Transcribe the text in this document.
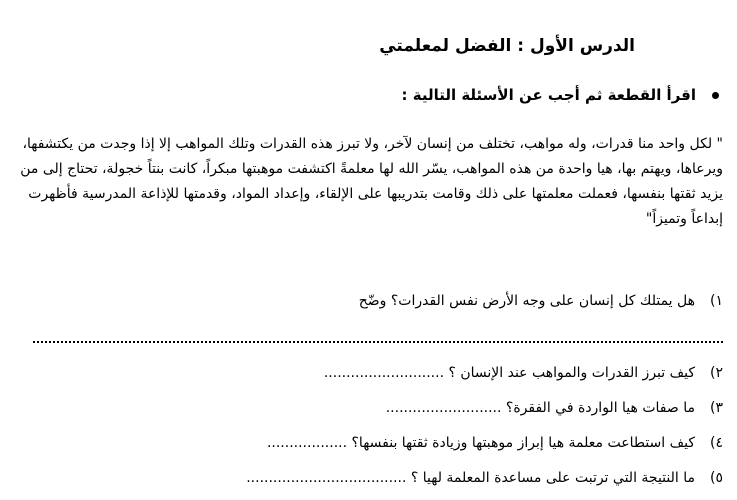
الدرس الأول : الفضل لمعلمتي
اقرأ القطعة ثم أجب عن الأسئلة التالية :

" لكل واحد منا قدرات، وله مواهب، تختلف من إنسان لآخر، ولا تبرز هذه القدرات وتلك المواهب إلا إذا وجدت من يكتشفها،

ويرعاها، ويهتم بها، هيا واحدة من هذه المواهب، يسّر الله لها معلمةً اكتشفت موهبتها مبكراً، كانت بنتاً خجولة، تحتاج إلى من

يزيد ثقتها بنفسها، فعملت معلمتها على ذلك وقامت بتدريبها على الإلقاء، وإعداد المواد، وقدمتها للإذاعة المدرسية فأظهرت

إبداعاً وتميزاً"

١)هل يمتلك كل إنسان على وجه الأرض نفس القدرات؟ وضّح
٢)كيف تبرز القدرات والمواهب عند الإنسان ؟ ...........................
٣)ما صفات هيا الواردة في الفقرة؟ ..........................
٤)كيف استطاعت معلمة هيا إبراز موهبتها وزيادة ثقتها بنفسها؟ ..................
٥)ما النتيجة التي ترتبت على مساعدة المعلمة لهيا ؟ ....................................
